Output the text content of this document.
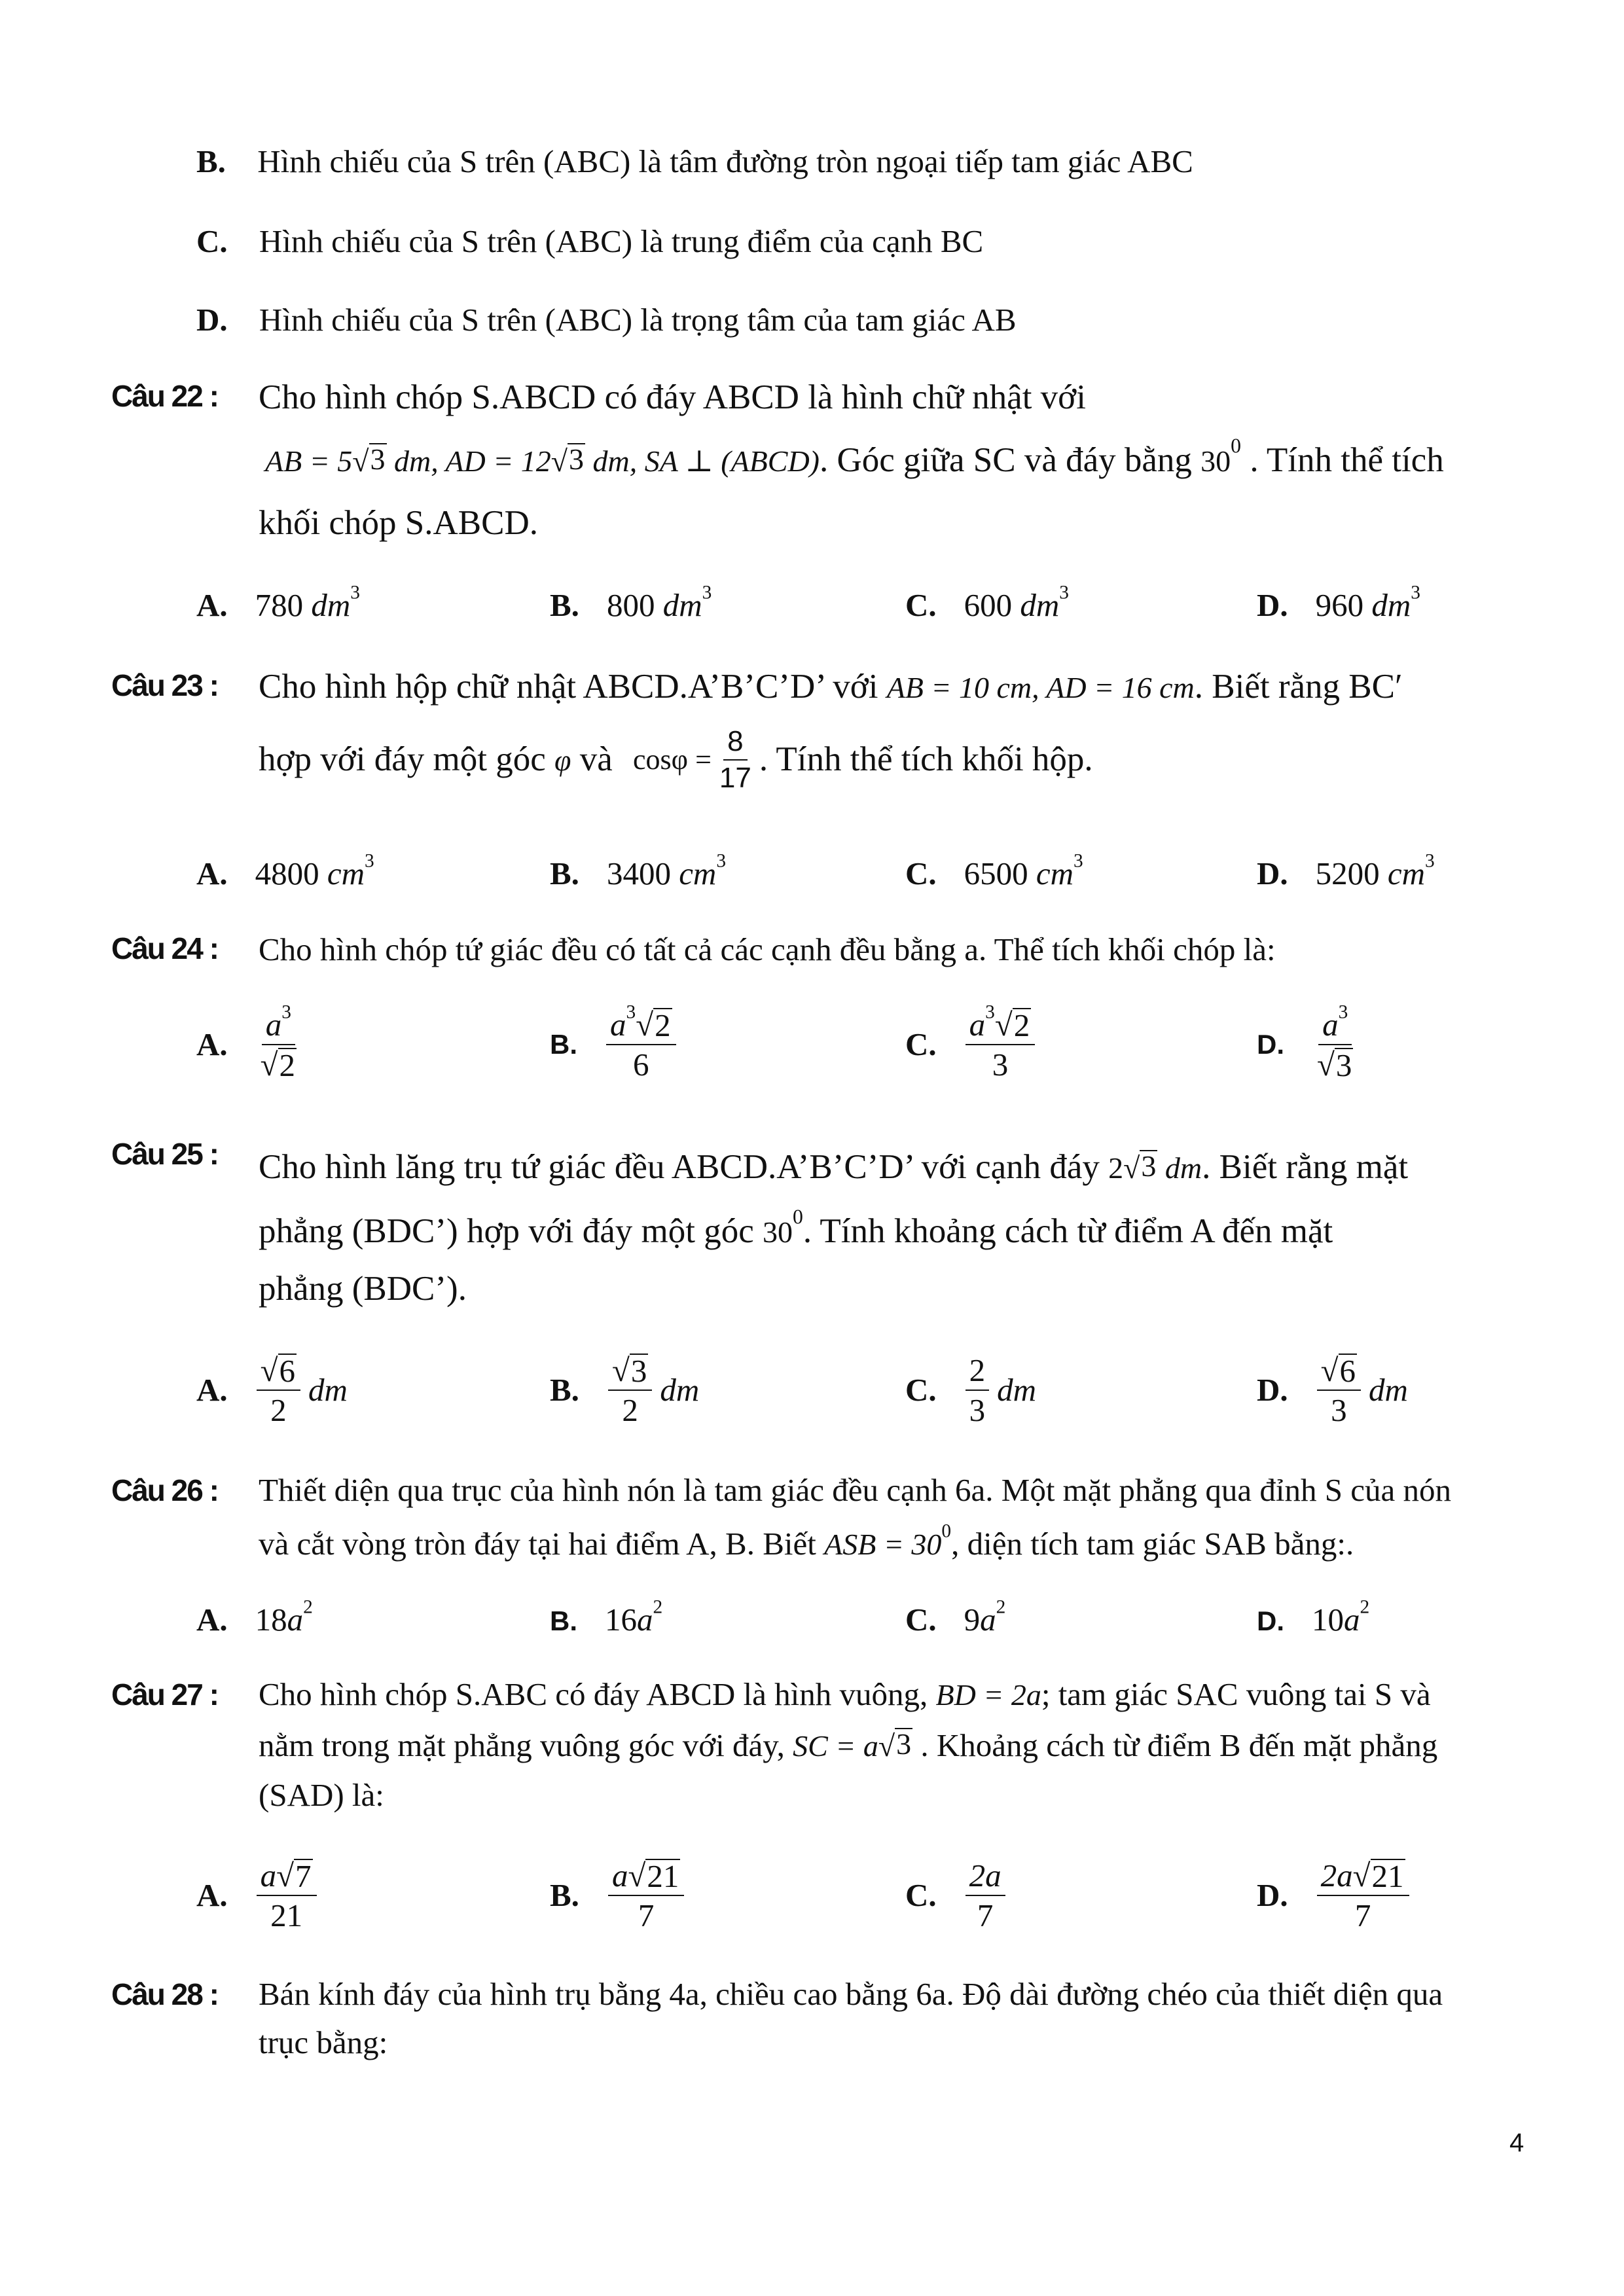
B. Hình chiếu của S trên (ABC) là tâm đường tròn ngoại tiếp tam giác ABC
C. Hình chiếu của S trên (ABC) là trung điểm của cạnh BC
D. Hình chiếu của S trên (ABC) là trọng tâm của tam giác AB
Câu 22 : Cho hình chóp S.ABCD có đáy ABCD là hình chữ nhật với
AB = 5 √ 3 dm, AD = 12 √ 3 dm, SA ⊥ (ABCD). Góc giữa SC và đáy bằng $30^0$ . Tính thể tích
khối chóp S.ABCD.
A. 780 $dm^3$	B. 800 $dm^3$	C. 600 $dm^3$	D. 960 $dm^3$
Câu 23 : Cho hình hộp chữ nhật ABCD.A’B’C’D’ với AB = 10 cm, AD = 16 cm. Biết rằng BC′
hợp với đáy một góc φ và $\cos\varphi = \frac{8}{17}$ . Tính thể tích khối hộp.
A. 4800 $cm^3$	B. 3400 $cm^3$	C. 6500 $cm^3$	D. 5200 $cm^3$
Câu 24 : Cho hình chóp tứ giác đều có tất cả các cạnh đều bằng a. Thể tích khối chóp là:
A. $\frac{a^3}{√ 2}$	B. $\frac{a^3 √ 2}{6}$	C. $\frac{a^3 √ 2}{3}$	D. $\frac{a^3}{√ 3}$
Câu 25 : Cho hình lăng trụ tứ giác đều ABCD.A’B’C’D’ với cạnh đáy 2 √ 3 dm. Biết rằng mặt
phẳng (BDC’) hợp với đáy một góc $30^0$. Tính khoảng cách từ điểm A đến mặt
phẳng (BDC’).
A. $\frac{√ 6}{2}$ dm	B. $\frac{√ 3}{2}$ dm	C. $\frac{2}{3}$ dm	D. $\frac{√ 6}{3}$ dm
Câu 26 : Thiết diện qua trục của hình nón là tam giác đều cạnh 6a. Một mặt phẳng qua đỉnh S của nón
và cắt vòng tròn đáy tại hai điểm A, B. Biết ASB = $30^0$, diện tích tam giác SAB bằng:.
A. $18a^2$	B. $16a^2$	C. $9a^2$	D. $10a^2$
Câu 27 : Cho hình chóp S.ABC có đáy ABCD là hình vuông, BD = 2a; tam giác SAC vuông tai S và
nằm trong mặt phẳng vuông góc với đáy, SC = a √ 3 . Khoảng cách từ điểm B đến mặt phẳng
(SAD) là:
A. $\frac{a √ 7}{21}$	B. $\frac{a √ 21}{7}$	C. $\frac{2a}{7}$	D. $\frac{2a √ 21}{7}$
Câu 28 : Bán kính đáy của hình trụ bằng 4a, chiều cao bằng 6a. Độ dài đường chéo của thiết diện qua
trục bằng:
4
